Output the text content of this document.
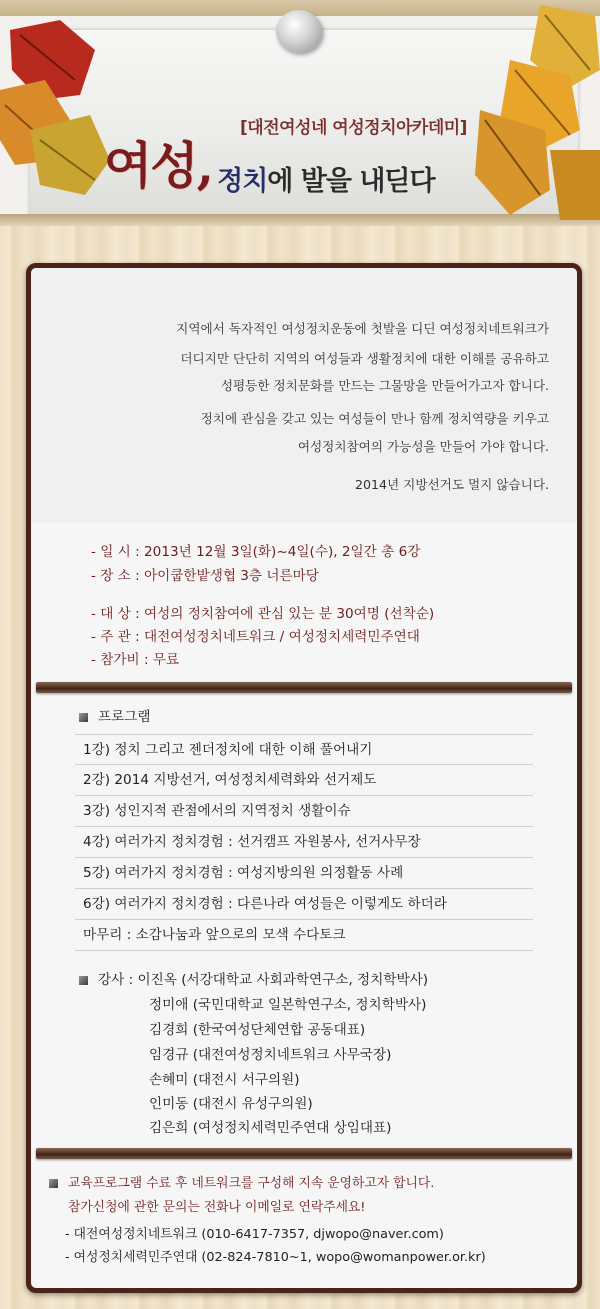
[대전여성네 여성정치아카데미]
여성, 정치에 발을 내딛다

지역에서 독자적인 여성정치운동에 첫발을 디딘 여성정치네트워크가

더디지만 단단히 지역의 여성들과 생활정치에 대한 이해를 공유하고

성평등한 정치문화를 만드는 그물망을 만들어가고자 합니다.

정치에 관심을 갖고 있는 여성들이 만나 함께 정치역량을 키우고

여성정치참여의 가능성을 만들어 가야 합니다.

2014년 지방선거도 멀지 않습니다.

- 일 시 : 2013년 12월 3일(화)~4일(수), 2일간 총 6강
- 장 소 : 아이쿱한밭생협 3층 너른마당
- 대 상 : 여성의 정치참여에 관심 있는 분 30여명 (선착순)
- 주 관 : 대전여성정치네트워크 / 여성정치세력민주연대
- 참가비 : 무료
프로그램
1강) 정치 그리고 젠더정치에 대한 이해 풀어내기
2강) 2014 지방선거, 여성정치세력화와 선거제도
3강) 성인지적 관점에서의 지역정치 생활이슈
4강) 여러가지 정치경험 : 선거캠프 자원봉사, 선거사무장
5강) 여러가지 정치경험 : 여성지방의원 의정활동 사례
6강) 여러가지 정치경험 : 다른나라 여성들은 이렇게도 하더라
마무리 : 소감나눔과 앞으로의 모색 수다토크
강사 : 이진옥 (서강대학교 사회과학연구소, 정치학박사)
정미애 (국민대학교 일본학연구소, 정치학박사)
김경희 (한국여성단체연합 공동대표)
임경규 (대전여성정치네트워크 사무국장)
손혜미 (대전시 서구의원)
인미동 (대전시 유성구의원)
김은희 (여성정치세력민주연대 상임대표)
교육프로그램 수료 후 네트워크를 구성해 지속 운영하고자 합니다.
참가신청에 관한 문의는 전화나 이메일로 연락주세요!
- 대전여성정치네트워크 (010-6417-7357, djwopo@naver.com)
- 여성정치세력민주연대 (02-824-7810~1, wopo@womanpower.or.kr)
